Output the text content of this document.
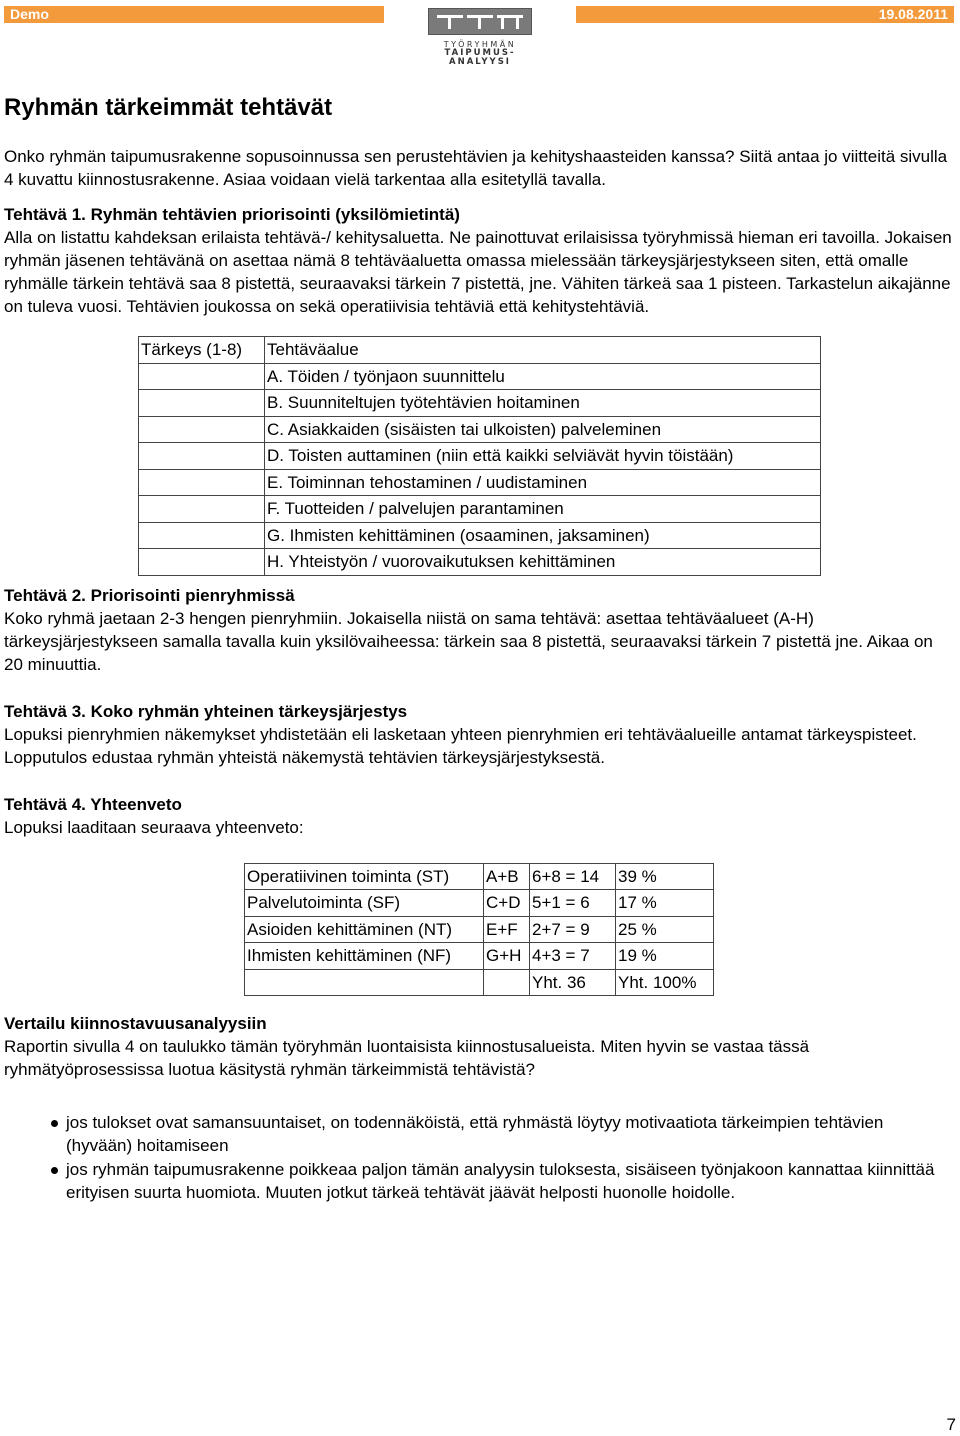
Demo
TYÖRYHMÄN
TAIPUMUS-
ANALYYSI
19.08.2011
Ryhmän tärkeimmät tehtävät

Onko ryhmän taipumusrakenne sopusoinnussa sen perustehtävien ja kehityshaasteiden kanssa? Siitä antaa jo viitteitä sivulla 4 kuvattu kiinnostusrakenne. Asiaa voidaan vielä tarkentaa alla esitetyllä tavalla.

Tehtävä 1. Ryhmän tehtävien priorisointi (yksilömietintä)

Alla on listattu kahdeksan erilaista tehtävä-/ kehitysaluetta. Ne painottuvat erilaisissa työryhmissä hieman eri tavoilla. Jokaisen ryhmän jäsenen tehtävänä on asettaa nämä 8 tehtäväaluetta omassa mielessään tärkeysjärjestykseen siten, että omalle ryhmälle tärkein tehtävä saa 8 pistettä, seuraavaksi tärkein 7 pistettä, jne. Vähiten tärkeä saa 1 pisteen. Tarkastelun aikajänne on tuleva vuosi. Tehtävien joukossa on sekä operatiivisia tehtäviä että kehitystehtäviä.

Tärkeys (1-8)	Tehtäväalue
	A. Töiden / työnjaon suunnittelu
	B. Suunniteltujen työtehtävien hoitaminen
	C. Asiakkaiden (sisäisten tai ulkoisten) palveleminen
	D. Toisten auttaminen (niin että kaikki selviävät hyvin töistään)
	E. Toiminnan tehostaminen / uudistaminen
	F. Tuotteiden / palvelujen parantaminen
	G. Ihmisten kehittäminen (osaaminen, jaksaminen)
	H. Yhteistyön / vuorovaikutuksen kehittäminen

Tehtävä 2. Priorisointi pienryhmissä

Koko ryhmä jaetaan 2-3 hengen pienryhmiin. Jokaisella niistä on sama tehtävä: asettaa tehtäväalueet (A-H) tärkeysjärjestykseen samalla tavalla kuin yksilövaiheessa: tärkein saa 8 pistettä, seuraavaksi tärkein 7 pistettä jne. Aikaa on 20 minuuttia.

Tehtävä 3. Koko ryhmän yhteinen tärkeysjärjestys

Lopuksi pienryhmien näkemykset yhdistetään eli lasketaan yhteen pienryhmien eri tehtäväalueille antamat tärkeyspisteet. Lopputulos edustaa ryhmän yhteistä näkemystä tehtävien tärkeysjärjestyksestä.

Tehtävä 4. Yhteenveto

Lopuksi laaditaan seuraava yhteenveto:

Operatiivinen toiminta (ST)	A+B	6+8 = 14	39 %
Palvelutoiminta (SF)	C+D	5+1 = 6	17 %
Asioiden kehittäminen (NT)	E+F	2+7 = 9	25 %
Ihmisten kehittäminen (NF)	G+H	4+3 = 7	19 %
		Yht. 36	Yht. 100%

Vertailu kiinnostavuusanalyysiin

Raportin sivulla 4 on taulukko tämän työryhmän luontaisista kiinnostusalueista. Miten hyvin se vastaa tässä ryhmätyöprosessissa luotua käsitystä ryhmän tärkeimmistä tehtävistä?

jos tulokset ovat samansuuntaiset, on todennäköistä, että ryhmästä löytyy motivaatiota tärkeimpien tehtävien (hyvään) hoitamiseen
jos ryhmän taipumusrakenne poikkeaa paljon tämän analyysin tuloksesta, sisäiseen työnjakoon kannattaa kiinnittää erityisen suurta huomiota. Muuten jotkut tärkeä tehtävät jäävät helposti huonolle hoidolle.
7
